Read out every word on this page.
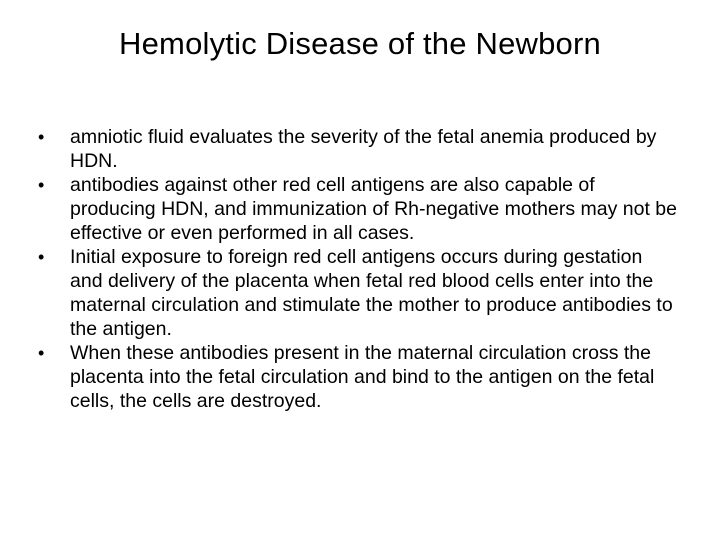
Hemolytic Disease of the Newborn
•	amniotic fluid evaluates the severity of the fetal anemia produced by HDN.
•	antibodies against other red cell antigens are also capable of producing HDN, and immunization of Rh-negative mothers may not be effective or even performed in all cases.
•	Initial exposure to foreign red cell antigens occurs during gestation and delivery of the placenta when fetal red blood cells enter into the maternal circulation and stimulate the mother to produce antibodies to the antigen.
•	When these antibodies present in the maternal circulation cross the placenta into the fetal circulation and bind to the antigen on the fetal cells, the cells are destroyed.
